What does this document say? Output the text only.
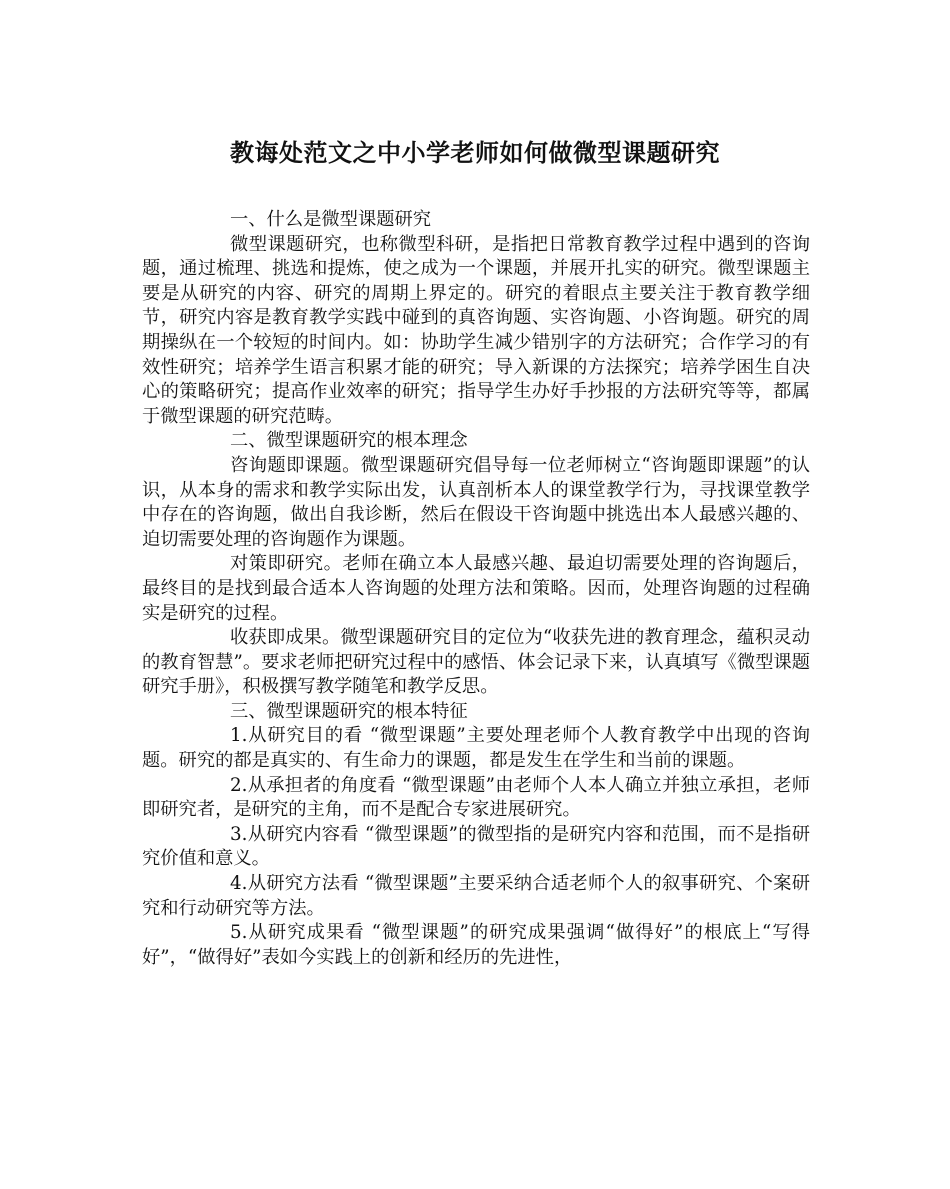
教诲处范文之中小学老师如何做微型课题研究

一、什么是微型课题研究

微型课题研究，也称微型科研，是指把日常教育教学过程中遇到的咨询题，通过梳理、挑选和提炼，使之成为一个课题，并展开扎实的研究。微型课题主要是从研究的内容、研究的周期上界定的。研究的着眼点主要关注于教育教学细节，研究内容是教育教学实践中碰到的真咨询题、实咨询题、小咨询题。研究的周期操纵在一个较短的时间内。如：协助学生减少错别字的方法研究；合作学习的有效性研究；培养学生语言积累才能的研究；导入新课的方法探究；培养学困生自决心的策略研究；提高作业效率的研究；指导学生办好手抄报的方法研究等等，都属于微型课题的研究范畴。

二、微型课题研究的根本理念

咨询题即课题。微型课题研究倡导每一位老师树立“咨询题即课题”的认识，从本身的需求和教学实际出发，认真剖析本人的课堂教学行为，寻找课堂教学中存在的咨询题，做出自我诊断，然后在假设干咨询题中挑选出本人最感兴趣的、迫切需要处理的咨询题作为课题。

对策即研究。老师在确立本人最感兴趣、最迫切需要处理的咨询题后，最终目的是找到最合适本人咨询题的处理方法和策略。因而，处理咨询题的过程确实是研究的过程。

收获即成果。微型课题研究目的定位为“收获先进的教育理念，蕴积灵动的教育智慧”。要求老师把研究过程中的感悟、体会记录下来，认真填写《微型课题研究手册》，积极撰写教学随笔和教学反思。

三、微型课题研究的根本特征

1.从研究目的看 “微型课题”主要处理老师个人教育教学中出现的咨询题。研究的都是真实的、有生命力的课题，都是发生在学生和当前的课题。

2.从承担者的角度看 “微型课题”由老师个人本人确立并独立承担，老师即研究者，是研究的主角，而不是配合专家进展研究。

3.从研究内容看 “微型课题”的微型指的是研究内容和范围，而不是指研究价值和意义。

4.从研究方法看 “微型课题”主要采纳合适老师个人的叙事研究、个案研究和行动研究等方法。

5.从研究成果看 “微型课题”的研究成果强调“做得好”的根底上“写得好”，“做得好”表如今实践上的创新和经历的先进性，
